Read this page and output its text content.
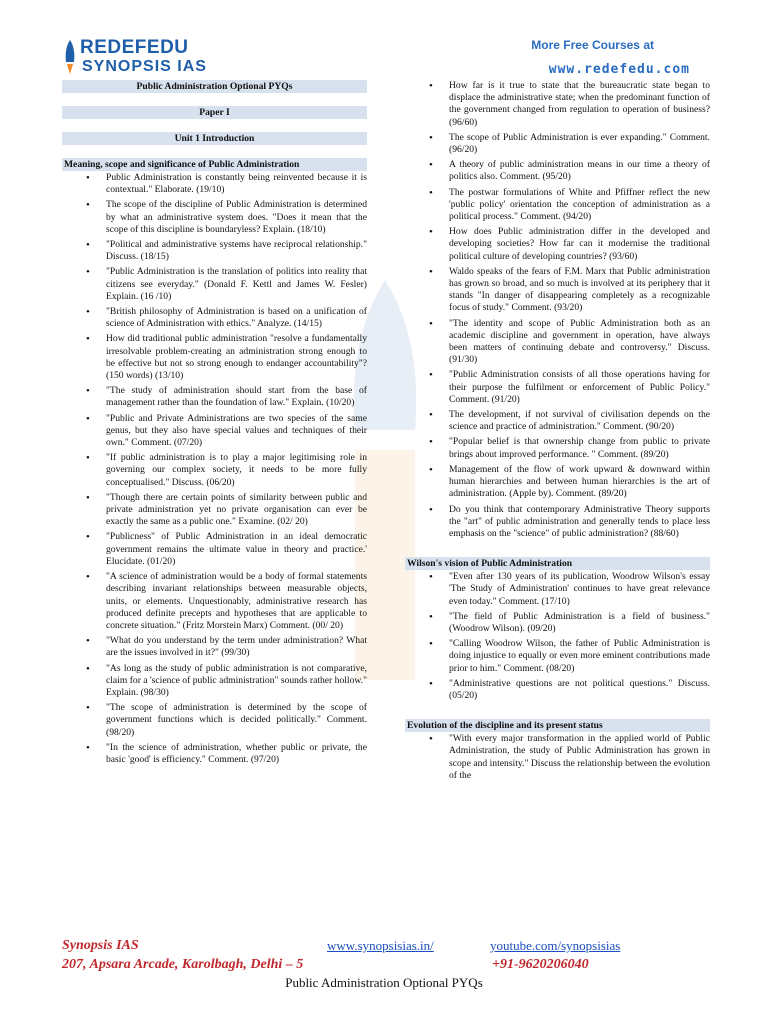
REDEFEDU
SYNOPSIS IAS
More Free Courses at
www.redefedu.com
Public Administration Optional PYQs
Paper I
Unit 1 Introduction
Meaning, scope and significance of Public Administration
• Public Administration is constantly being reinvented because it is contextual." Elaborate. (19/10)
• The scope of the discipline of Public Administration is determined by what an administrative system does. "Does it mean that the scope of this discipline is boundaryless? Explain. (18/10)
• "Political and administrative systems have reciprocal relationship." Discuss. (18/15)
• "Public Administration is the translation of politics into reality that citizens see everyday." (Donald F. Kettl and James W. Fesler) Explain. (16 /10)
• "British philosophy of Administration is based on a unification of science of Administration with ethics." Analyze. (14/15)
• How did traditional public administration "resolve a fundamentally irresolvable problem-creating an administration strong enough to be effective but not so strong enough to endanger accountability"? (150 words) (13/10)
• "The study of administration should start from the base of management rather than the foundation of law." Explain. (10/20)
• "Public and Private Administrations are two species of the same genus, but they also have special values and techniques of their own." Comment. (07/20)
• "If public administration is to play a major legitimising role in governing our complex society, it needs to be more fully conceptualised." Discuss. (06/20)
• "Though there are certain points of similarity between public and private administration yet no private organisation can ever be exactly the same as a public one." Examine. (02/ 20)
• "Publicness" of Public Administration in an ideal democratic government remains the ultimate value in theory and practice.' Elucidate. (01/20)
• "A science of administration would be a body of formal statements describing invariant relationships between measurable objects, units, or elements. Unquestionably, administrative research has produced definite precepts and hypotheses that are applicable to concrete situation." (Fritz Morstein Marx) Comment. (00/ 20)
• "What do you understand by the term under administration? What are the issues involved in it?" (99/30)
• "As long as the study of public administration is not comparative, claim for a 'science of public administration" sounds rather hollow." Explain. (98/30)
• "The scope of administration is determined by the scope of government functions which is decided politically." Comment. (98/20)
• "In the science of administration, whether public or private, the basic 'good' is efficiency." Comment. (97/20)
• How far is it true to state that the bureaucratic state began to displace the administrative state; when the predominant function of the government changed from regulation to operation of business? (96/60)
• The scope of Public Administration is ever expanding." Comment. (96/20)
• A theory of public administration means in our time a theory of politics also. Comment. (95/20)
• The postwar formulations of White and Pfiffner reflect the new 'public policy' orientation the conception of administration as a political process." Comment. (94/20)
• How does Public administration differ in the developed and developing societies? How far can it modernise the traditional political culture of developing countries? (93/60)
• Waldo speaks of the fears of F.M. Marx that Public administration has grown so broad, and so much is involved at its periphery that it stands "In danger of disappearing completely as a recognizable focus of study." Comment. (93/20)
• "The identity and scope of Public Administration both as an academic discipline and government in operation, have always been matters of continuing debate and controversy." Discuss. (91/30)
• "Public Administration consists of all those operations having for their purpose the fulfilment or enforcement of Public Policy." Comment. (91/20)
• The development, if not survival of civilisation depends on the science and practice of administration." Comment. (90/20)
• "Popular belief is that ownership change from public to private brings about improved performance. " Comment. (89/20)
• Management of the flow of work upward & downward within human hierarchies and between human hierarchies is the art of administration. (Apple by). Comment. (89/20)
• Do you think that contemporary Administrative Theory supports the "art" of public administration and generally tends to place less emphasis on the "science" of public administration? (88/60)
Wilson's vision of Public Administration
• "Even after 130 years of its publication, Woodrow Wilson's essay 'The Study of Administration' continues to have great relevance even today." Comment. (17/10)
• "The field of Public Administration is a field of business." (Woodrow Wilson). (09/20)
• "Calling Woodrow Wilson, the father of Public Administration is doing injustice to equally or even more eminent contributions made prior to him." Comment. (08/20)
• "Administrative questions are not political questions." Discuss. (05/20)
Evolution of the discipline and its present status
• "With every major transformation in the applied world of Public Administration, the study of Public Administration has grown in scope and intensity." Discuss the relationship between the evolution of the
Synopsis IAS	www.synopsisias.in/	youtube.com/synopsisias
207, Apsara Arcade, Karolbagh, Delhi – 5	+91-9620206040
Public Administration Optional PYQs
